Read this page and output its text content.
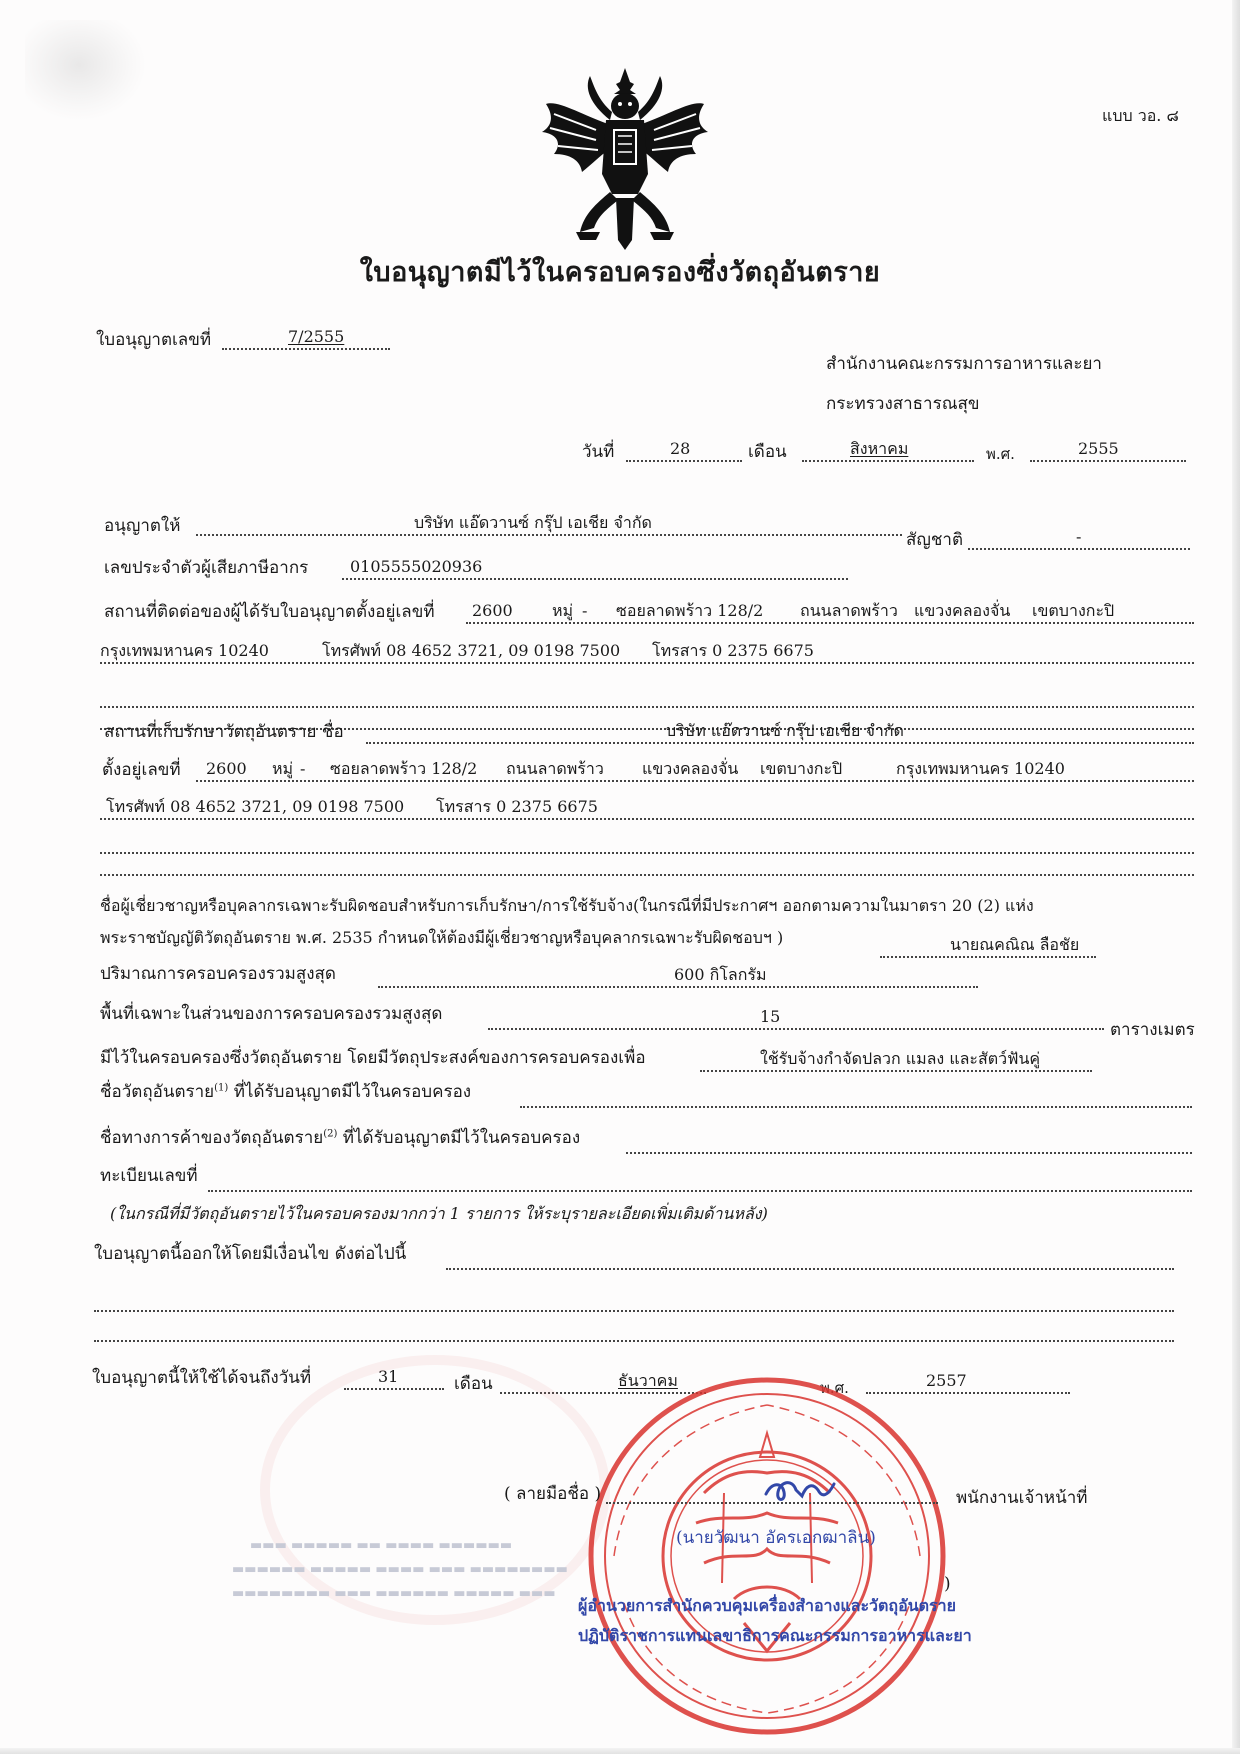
แบบ วอ. ๘
ใบอนุญาตมีไว้ในครอบครองซึ่งวัตถุอันตราย
ใบอนุญาตเลขที่	7/2555
สำนักงานคณะกรรมการอาหารและยา
กระทรวงสาธารณสุข
วันที่	28	เดือน	สิงหาคม	พ.ศ.	2555
อนุญาตให้	บริษัท แอ๊ดวานซ์ กรุ๊ป เอเชีย จำกัด
สัญชาติ	-
เลขประจำตัวผู้เสียภาษีอากร	0105555020936
สถานที่ติดต่อของผู้ได้รับใบอนุญาตตั้งอยู่เลขที่ 2600 หมู่ - ซอยลาดพร้าว 128/2 ถนนลาดพร้าว แขวงคลองจั่น เขตบางกะปิ
กรุงเทพมหานคร 10240	โทรศัพท์ 08 4652 3721, 09 0198 7500 โทรสาร 0 2375 6675
สถานที่เก็บรักษาวัตถุอันตราย ชื่อ	บริษัท แอ๊ดวานซ์ กรุ๊ป เอเชีย จำกัด
ตั้งอยู่เลขที่ 2600 หมู่ - ซอยลาดพร้าว 128/2 ถนนลาดพร้าว แขวงคลองจั่น เขตบางกะปิ	กรุงเทพมหานคร 10240
โทรศัพท์ 08 4652 3721, 09 0198 7500 โทรสาร 0 2375 6675
ชื่อผู้เชี่ยวชาญหรือบุคลากรเฉพาะรับผิดชอบสำหรับการเก็บรักษา/การใช้รับจ้าง(ในกรณีที่มีประกาศฯ ออกตามความในมาตรา 20 (2) แห่ง
พระราชบัญญัติวัตถุอันตราย พ.ศ. 2535 กำหนดให้ต้องมีผู้เชี่ยวชาญหรือบุคลากรเฉพาะรับผิดชอบฯ )	นายณคณิณ ลือชัย
ปริมาณการครอบครองรวมสูงสุด	600 กิโลกรัม
พื้นที่เฉพาะในส่วนของการครอบครองรวมสูงสุด	15
ตารางเมตร
มีไว้ในครอบครองซึ่งวัตถุอันตราย โดยมีวัตถุประสงค์ของการครอบครองเพื่อ	ใช้รับจ้างกำจัดปลวก แมลง และสัตว์ฟันคู่
ชื่อวัตถุอันตราย$^{(1)}$ ที่ได้รับอนุญาตมีไว้ในครอบครอง
ชื่อทางการค้าของวัตถุอันตราย$^{(2)}$ ที่ได้รับอนุญาตมีไว้ในครอบครอง
ทะเบียนเลขที่
(ในกรณีที่มีวัตถุอันตรายไว้ในครอบครองมากกว่า 1 รายการ ให้ระบุรายละเอียดเพิ่มเติมด้านหลัง)
ใบอนุญาตนี้ออกให้โดยมีเงื่อนไข ดังต่อไปนี้
ใบอนุญาตนี้ให้ใช้ได้จนถึงวันที่	31	เดือน	ธันวาคม	พ.ศ.	2557
▬▬▬ ▬▬▬▬▬ ▬▬ ▬▬▬▬ ▬▬▬▬▬▬
▬▬▬▬▬▬ ▬▬▬▬▬ ▬▬▬▬ ▬▬▬ ▬▬▬▬▬▬▬▬
▬▬▬▬▬▬▬▬ ▬▬▬ ▬▬▬▬▬▬ ▬▬▬▬▬ ▬▬▬
( ลายมือชื่อ )	พนักงานเจ้าหน้าที่
(นายวัฒนา อัครเอกฒาลิน)
)
ผู้อำนวยการสำนักควบคุมเครื่องสำอางและวัตถุอันตราย
ปฏิบัติราชการแทนเลขาธิการคณะกรรมการอาหารและยา
